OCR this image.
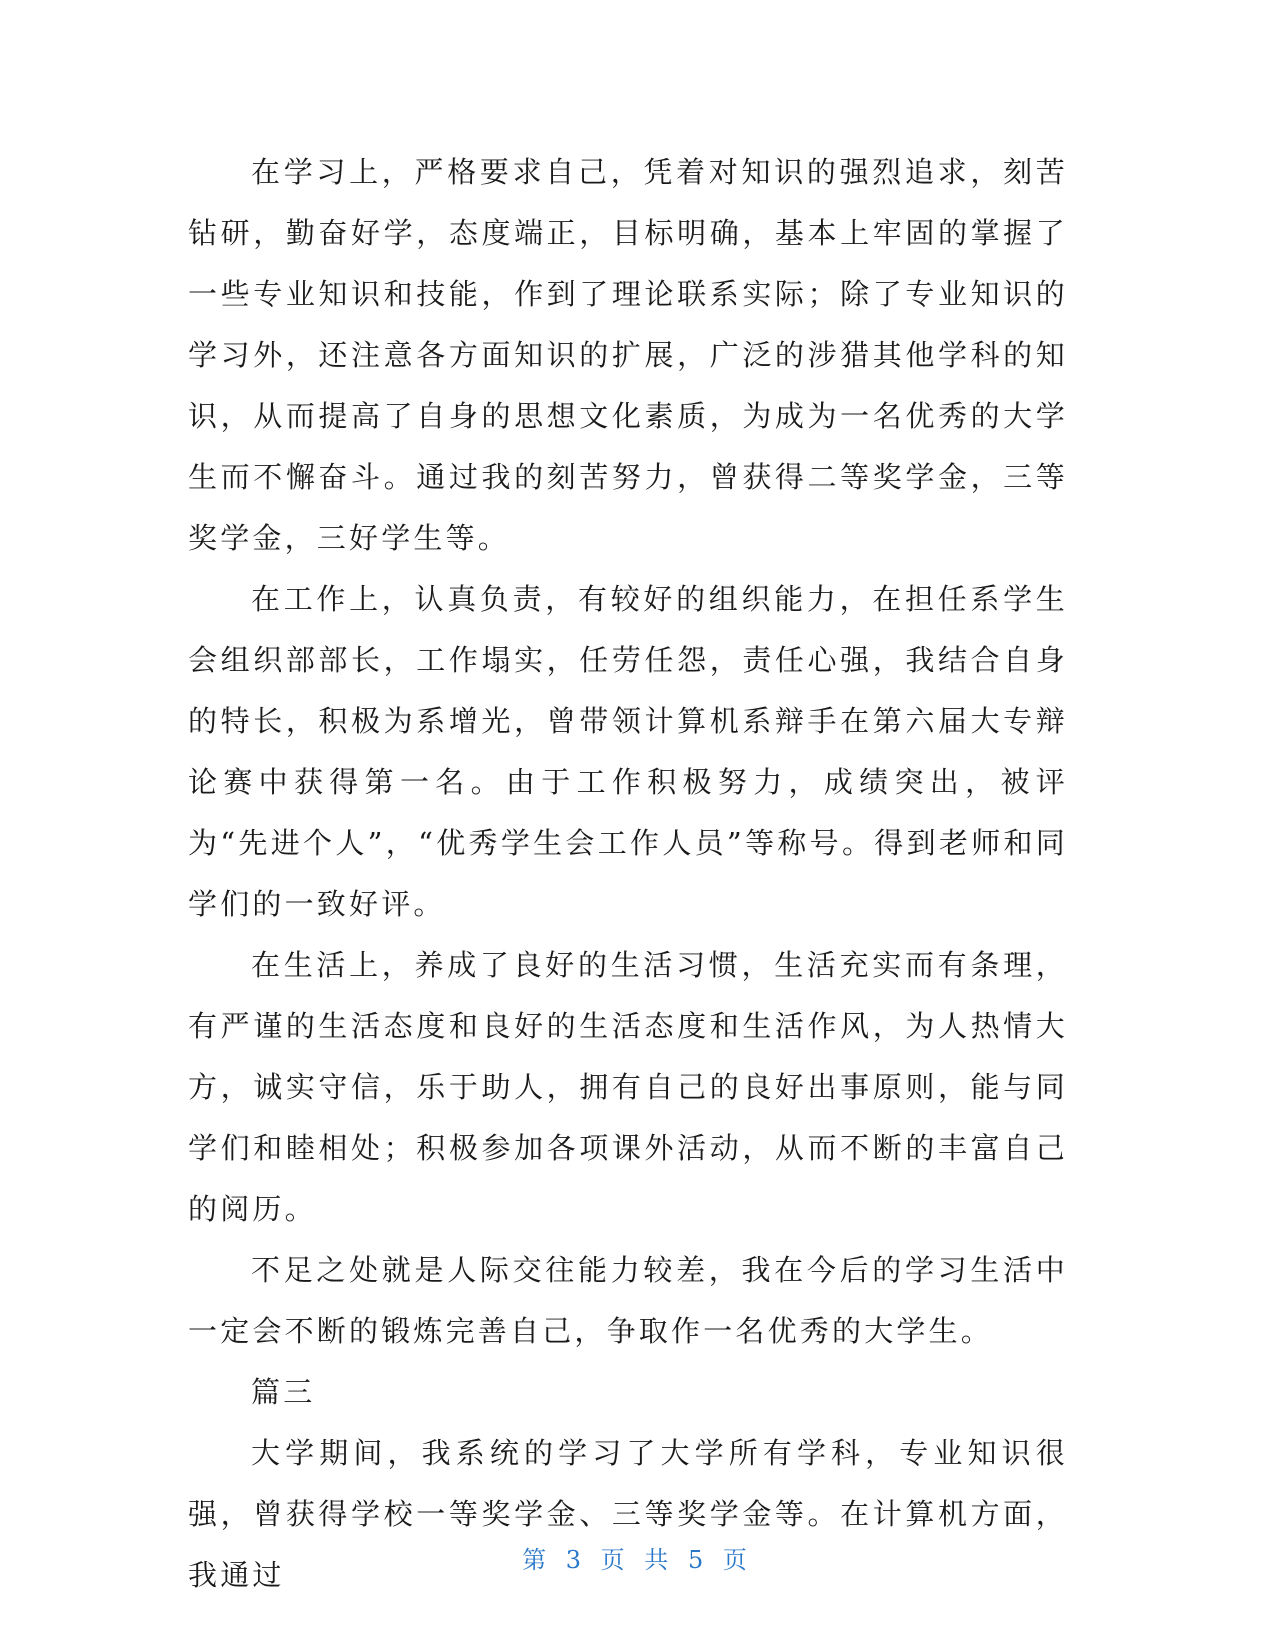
在学习上，严格要求自己，凭着对知识的强烈追求，刻苦钻研，勤奋好学，态度端正，目标明确，基本上牢固的掌握了一些专业知识和技能，作到了理论联系实际；除了专业知识的学习外，还注意各方面知识的扩展，广泛的涉猎其他学科的知识，从而提高了自身的思想文化素质，为成为一名优秀的大学生而不懈奋斗。通过我的刻苦努力，曾获得二等奖学金，三等奖学金，三好学生等。

在工作上，认真负责，有较好的组织能力，在担任系学生会组织部部长，工作塌实，任劳任怨，责任心强，我结合自身的特长，积极为系增光，曾带领计算机系辩手在第六届大专辩论赛中获得第一名。由于工作积极努力，成绩突出，被评为“先进个人”，“优秀学生会工作人员”等称号。得到老师和同学们的一致好评。

在生活上，养成了良好的生活习惯，生活充实而有条理，有严谨的生活态度和良好的生活态度和生活作风，为人热情大方，诚实守信，乐于助人，拥有自己的良好出事原则，能与同学们和睦相处；积极参加各项课外活动，从而不断的丰富自己的阅历。

不足之处就是人际交往能力较差，我在今后的学习生活中一定会不断的锻炼完善自己，争取作一名优秀的大学生。

篇三

大学期间，我系统的学习了大学所有学科，专业知识很强，曾获得学校一等奖学金、三等奖学金等。在计算机方面，我通过	第 3 页 共 5 页
